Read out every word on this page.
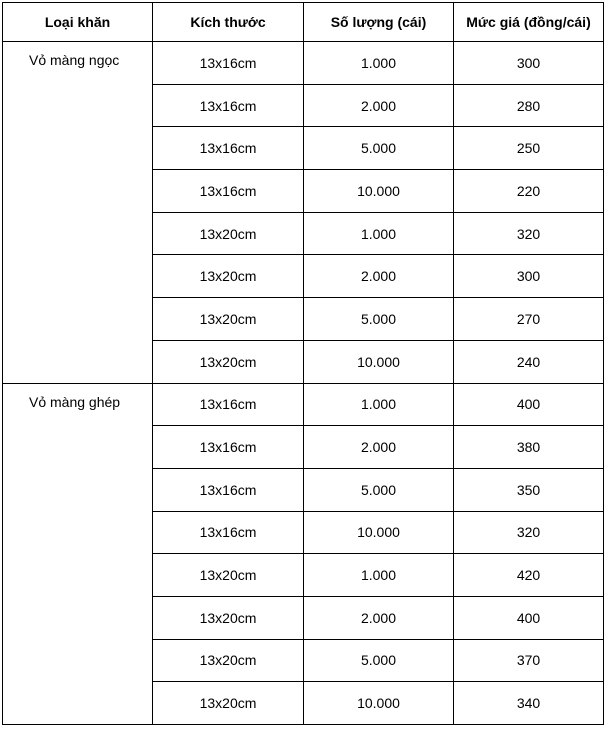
Loại khăn	Kích thước	Số lượng (cái)	Mức giá (đồng/cái)
Vỏ màng ngọc	13x16cm	1.000	300
	13x16cm	2.000	280
	13x16cm	5.000	250
	13x16cm	10.000	220
	13x20cm	1.000	320
	13x20cm	2.000	300
	13x20cm	5.000	270
	13x20cm	10.000	240
Vỏ màng ghép	13x16cm	1.000	400
	13x16cm	2.000	380
	13x16cm	5.000	350
	13x16cm	10.000	320
	13x20cm	1.000	420
	13x20cm	2.000	400
	13x20cm	5.000	370
	13x20cm	10.000	340
